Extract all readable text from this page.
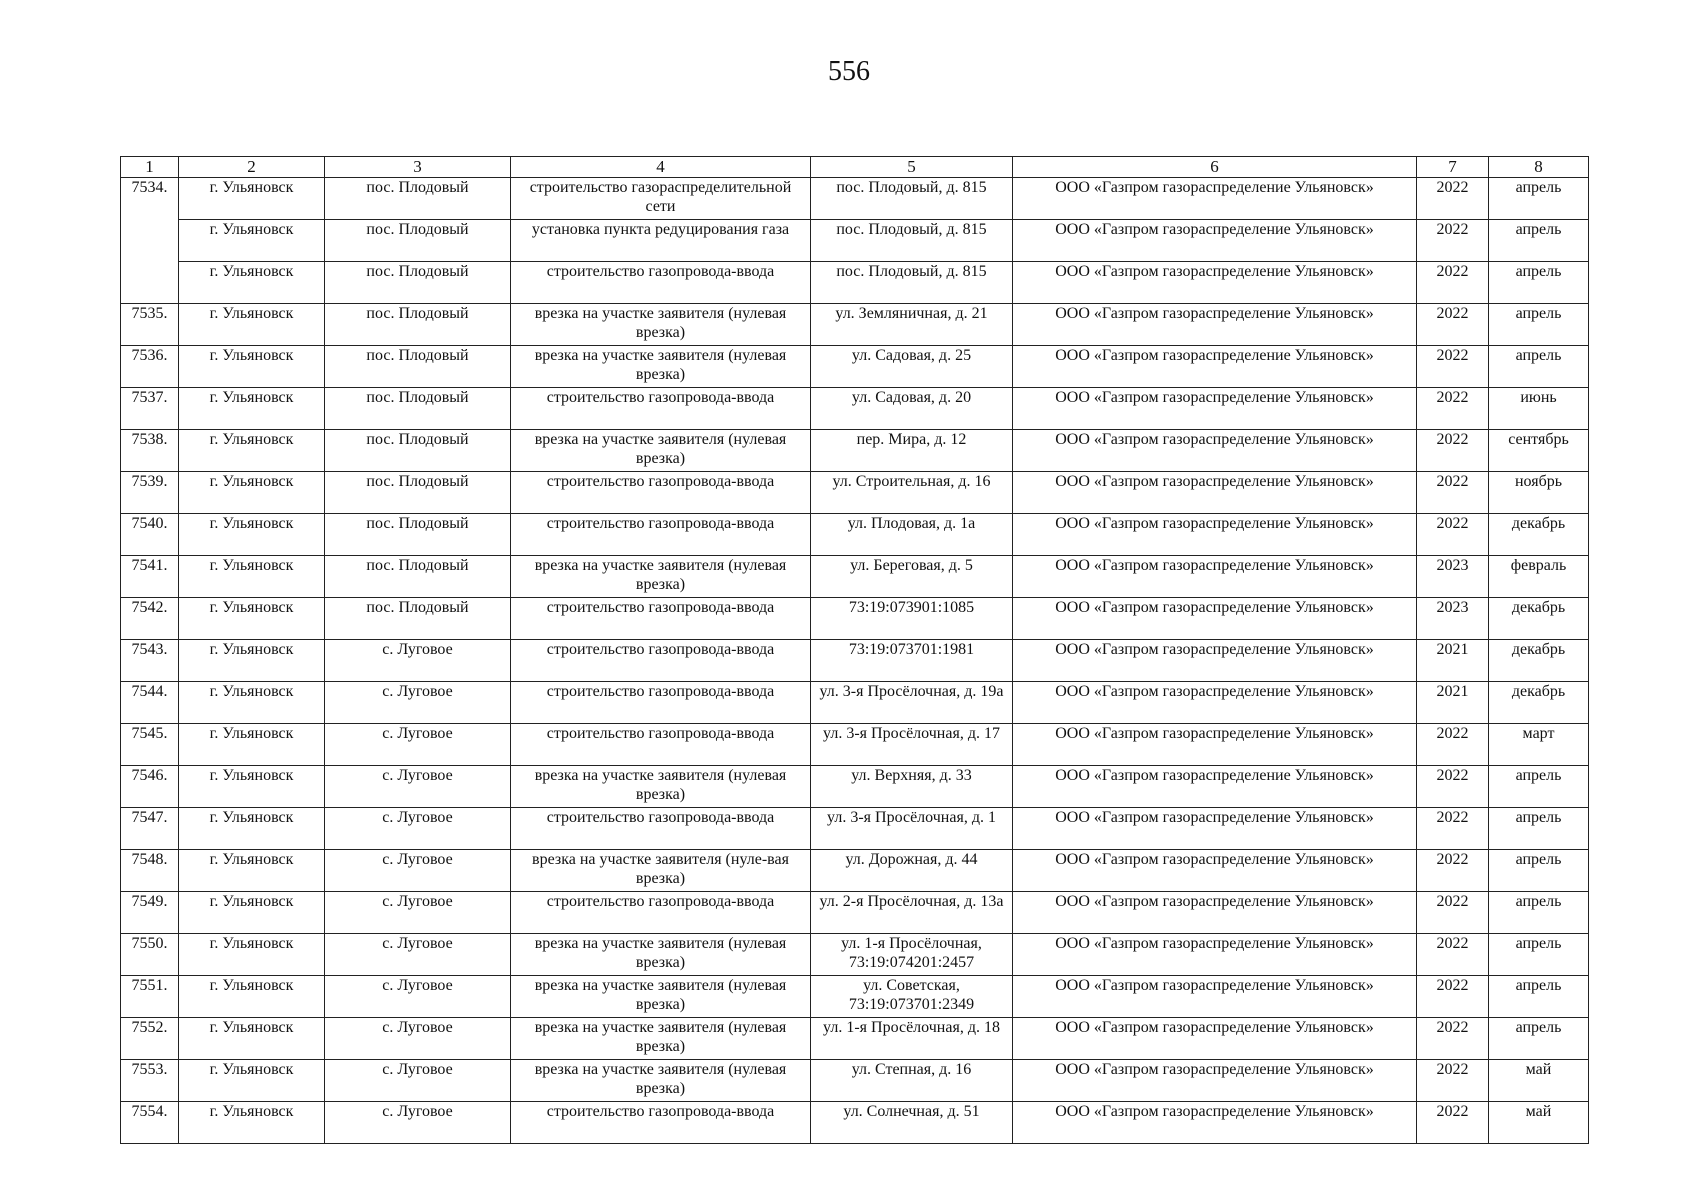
556
1	2	3	4	5	6	7	8
7534.	г. Ульяновск	пос. Плодовый	строительство газораспределительной сети	пос. Плодовый, д. 815	ООО «Газпром газораспределение Ульяновск»	2022	апрель
	г. Ульяновск	пос. Плодовый	установка пункта редуцирования газа	пос. Плодовый, д. 815	ООО «Газпром газораспределение Ульяновск»	2022	апрель
	г. Ульяновск	пос. Плодовый	строительство газопровода-ввода	пос. Плодовый, д. 815	ООО «Газпром газораспределение Ульяновск»	2022	апрель
7535.	г. Ульяновск	пос. Плодовый	врезка на участке заявителя (нулевая врезка)	ул. Земляничная, д. 21	ООО «Газпром газораспределение Ульяновск»	2022	апрель
7536.	г. Ульяновск	пос. Плодовый	врезка на участке заявителя (нулевая врезка)	ул. Садовая, д. 25	ООО «Газпром газораспределение Ульяновск»	2022	апрель
7537.	г. Ульяновск	пос. Плодовый	строительство газопровода-ввода	ул. Садовая, д. 20	ООО «Газпром газораспределение Ульяновск»	2022	июнь
7538.	г. Ульяновск	пос. Плодовый	врезка на участке заявителя (нулевая врезка)	пер. Мира, д. 12	ООО «Газпром газораспределение Ульяновск»	2022	сентябрь
7539.	г. Ульяновск	пос. Плодовый	строительство газопровода-ввода	ул. Строительная, д. 16	ООО «Газпром газораспределение Ульяновск»	2022	ноябрь
7540.	г. Ульяновск	пос. Плодовый	строительство газопровода-ввода	ул. Плодовая, д. 1а	ООО «Газпром газораспределение Ульяновск»	2022	декабрь
7541.	г. Ульяновск	пос. Плодовый	врезка на участке заявителя (нулевая врезка)	ул. Береговая, д. 5	ООО «Газпром газораспределение Ульяновск»	2023	февраль
7542.	г. Ульяновск	пос. Плодовый	строительство газопровода-ввода	73:19:073901:1085	ООО «Газпром газораспределение Ульяновск»	2023	декабрь
7543.	г. Ульяновск	с. Луговое	строительство газопровода-ввода	73:19:073701:1981	ООО «Газпром газораспределение Ульяновск»	2021	декабрь
7544.	г. Ульяновск	с. Луговое	строительство газопровода-ввода	ул. 3-я Просёлочная, д. 19а	ООО «Газпром газораспределение Ульяновск»	2021	декабрь
7545.	г. Ульяновск	с. Луговое	строительство газопровода-ввода	ул. 3-я Просёлочная, д. 17	ООО «Газпром газораспределение Ульяновск»	2022	март
7546.	г. Ульяновск	с. Луговое	врезка на участке заявителя (нулевая врезка)	ул. Верхняя, д. 33	ООО «Газпром газораспределение Ульяновск»	2022	апрель
7547.	г. Ульяновск	с. Луговое	строительство газопровода-ввода	ул. 3-я Просёлочная, д. 1	ООО «Газпром газораспределение Ульяновск»	2022	апрель
7548.	г. Ульяновск	с. Луговое	врезка на участке заявителя (нуле-вая врезка)	ул. Дорожная, д. 44	ООО «Газпром газораспределение Ульяновск»	2022	апрель
7549.	г. Ульяновск	с. Луговое	строительство газопровода-ввода	ул. 2-я Просёлочная, д. 13а	ООО «Газпром газораспределение Ульяновск»	2022	апрель
7550.	г. Ульяновск	с. Луговое	врезка на участке заявителя (нулевая врезка)	ул. 1-я Просёлочная, 73:19:074201:2457	ООО «Газпром газораспределение Ульяновск»	2022	апрель
7551.	г. Ульяновск	с. Луговое	врезка на участке заявителя (нулевая врезка)	ул. Советская, 73:19:073701:2349	ООО «Газпром газораспределение Ульяновск»	2022	апрель
7552.	г. Ульяновск	с. Луговое	врезка на участке заявителя (нулевая врезка)	ул. 1-я Просёлочная, д. 18	ООО «Газпром газораспределение Ульяновск»	2022	апрель
7553.	г. Ульяновск	с. Луговое	врезка на участке заявителя (нулевая врезка)	ул. Степная, д. 16	ООО «Газпром газораспределение Ульяновск»	2022	май
7554.	г. Ульяновск	с. Луговое	строительство газопровода-ввода	ул. Солнечная, д. 51	ООО «Газпром газораспределение Ульяновск»	2022	май
